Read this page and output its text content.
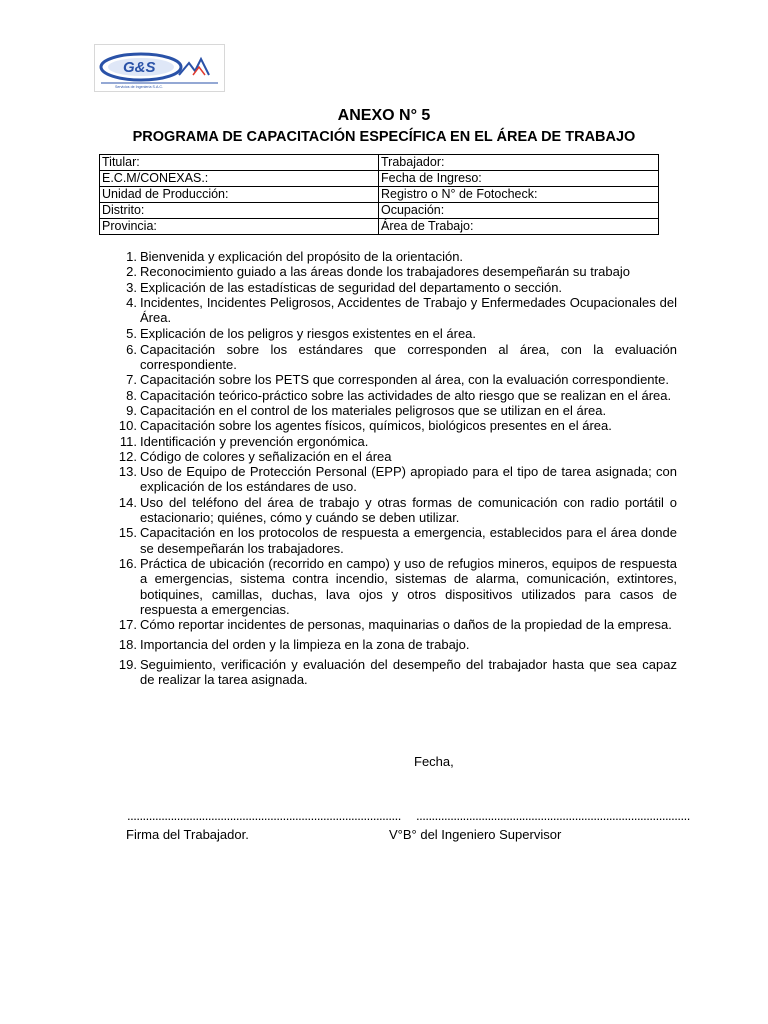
G&S
Servicios de Ingeniería S.A.C.
ANEXO N° 5
PROGRAMA DE CAPACITACIÓN ESPECÍFICA EN EL ÁREA DE TRABAJO
Titular:	Trabajador:
E.C.M/CONEXAS.:	Fecha de Ingreso:
Unidad de Producción:	Registro o N° de Fotocheck:
Distrito:	Ocupación:
Provincia:	Área de Trabajo:
1. Bienvenida y explicación del propósito de la orientación.
2. Reconocimiento guiado a las áreas donde los trabajadores desempeñarán su trabajo
3. Explicación de las estadísticas de seguridad del departamento o sección.
4. Incidentes, Incidentes Peligrosos, Accidentes de Trabajo y Enfermedades Ocupacionales del Área.
5. Explicación de los peligros y riesgos existentes en el área.
6. Capacitación sobre los estándares que corresponden al área, con la evaluación correspondiente.
7. Capacitación sobre los PETS que corresponden al área, con la evaluación correspondiente.
8. Capacitación teórico-práctico sobre las actividades de alto riesgo que se realizan en el área.
9. Capacitación en el control de los materiales peligrosos que se utilizan en el área.
10. Capacitación sobre los agentes físicos, químicos, biológicos presentes en el área.
11. Identificación y prevención ergonómica.
12. Código de colores y señalización en el área
13. Uso de Equipo de Protección Personal (EPP) apropiado para el tipo de tarea asignada; con explicación de los estándares de uso.
14. Uso del teléfono del área de trabajo y otras formas de comunicación con radio portátil o estacionario; quiénes, cómo y cuándo se deben utilizar.
15. Capacitación en los protocolos de respuesta a emergencia, establecidos para el área donde se desempeñarán los trabajadores.
16. Práctica de ubicación (recorrido en campo) y uso de refugios mineros, equipos de respuesta a emergencias, sistema contra incendio, sistemas de alarma, comunicación, extintores, botiquines, camillas, duchas, lava ojos y otros dispositivos utilizados para casos de respuesta a emergencias.
17. Cómo reportar incidentes de personas, maquinarias o daños de la propiedad de la empresa.
18. Importancia del orden y la limpieza en la zona de trabajo.
19. Seguimiento, verificación y evaluación del desempeño del trabajador hasta que sea capaz de realizar la tarea asignada.
Fecha,
........................................................................................ ........................................................................................
Firma del Trabajador.	V°B° del Ingeniero Supervisor
